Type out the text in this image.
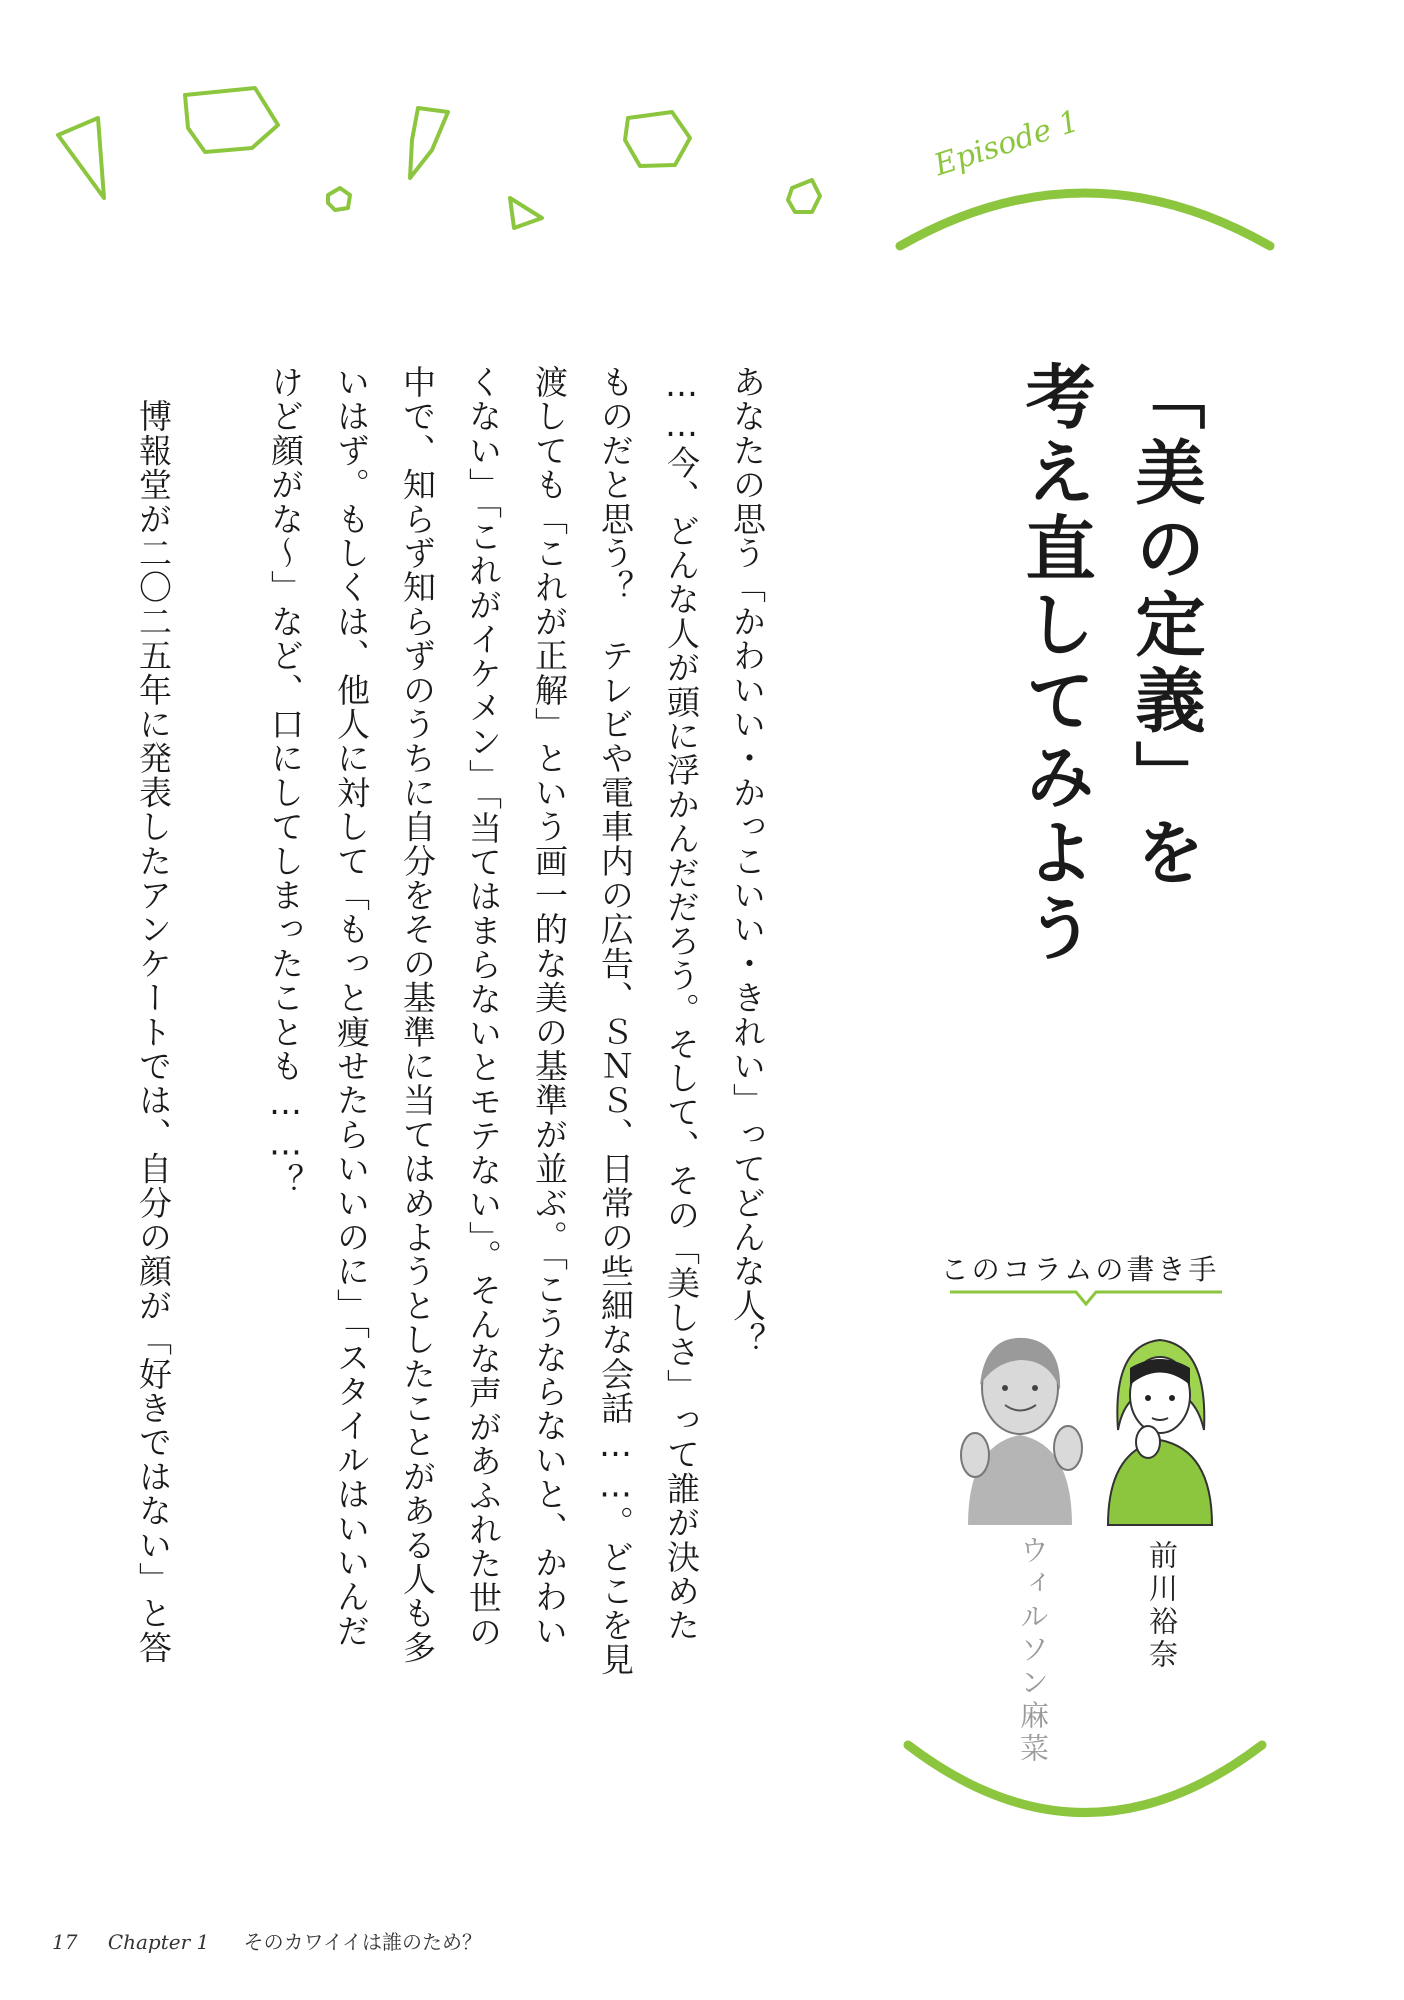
Episode 1
「美の定義」を
考え直してみよう
あなたの思う「かわいい・かっこいい・きれい」ってどんな人？
……今、どんな人が頭に浮かんだだろう。そして、その「美しさ」って誰が決めた
ものだと思う？　テレビや電車内の広告、ＳＮＳ、日常の些細な会話……。どこを見
渡しても「これが正解」という画一的な美の基準が並ぶ。「こうならないと、かわい
くない」「これがイケメン」「当てはまらないとモテない」。そんな声があふれた世の
中で、知らず知らずのうちに自分をその基準に当てはめようとしたことがある人も多
いはず。もしくは、他人に対して「もっと痩せたらいいのに」「スタイルはいいんだ
けど顔がな〜」など、口にしてしまったことも……？

　博報堂が二〇二五年に発表したアンケートでは、自分の顔が「好きではない」と答	このコラムの書き手
前川裕奈
ウィルソン麻菜
17 Chapter 1 そのカワイイは誰のため？
